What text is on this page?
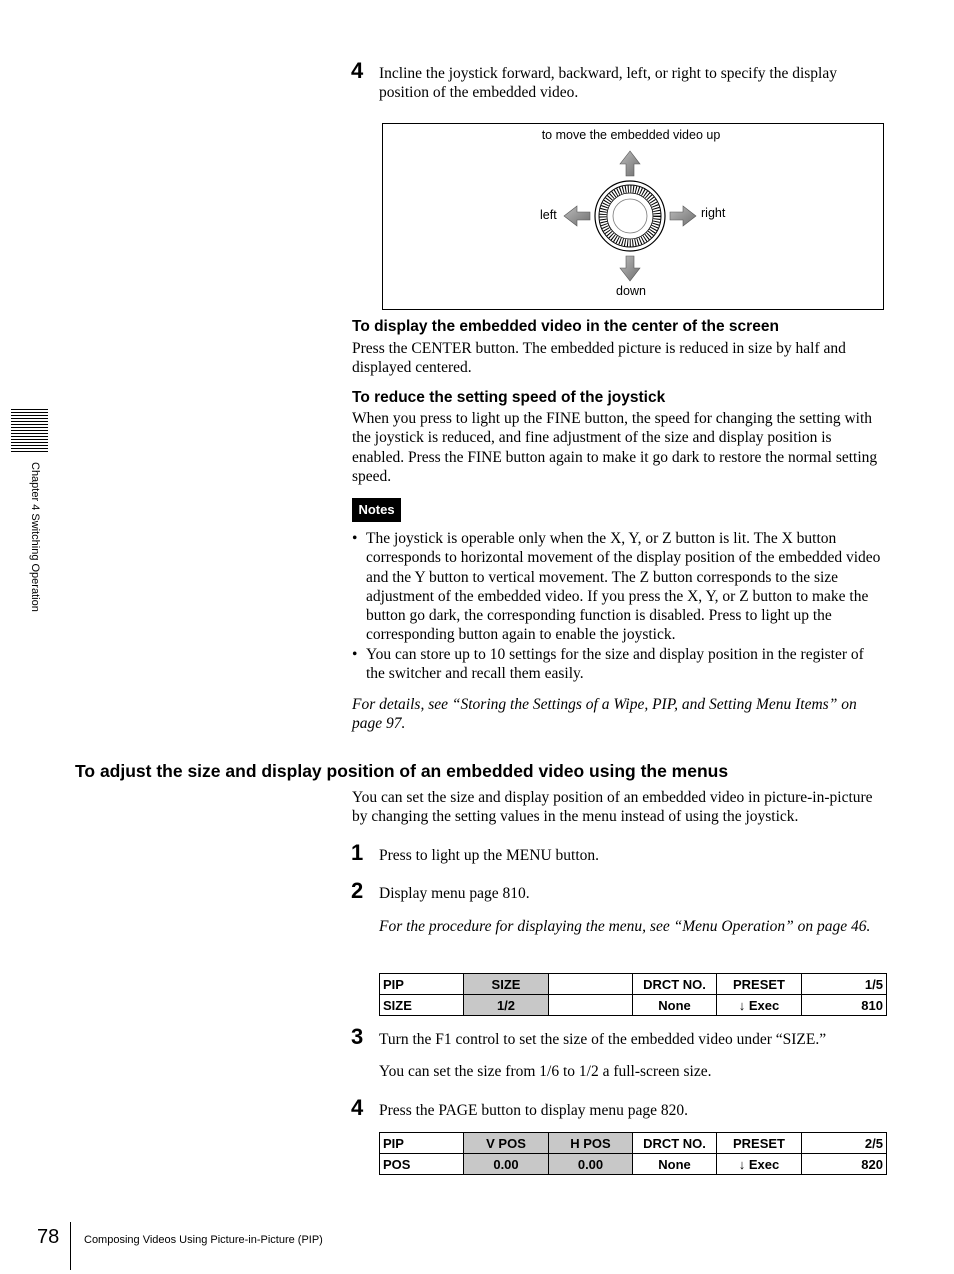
Chapter 4 Switching Operation
4 Incline the joystick forward, backward, left, or right to specify the display position of the embedded video.
to move the embedded video up
left	right
down
To display the embedded video in the center of the screen
Press the CENTER button. The embedded picture is reduced in size by half and displayed centered.
To reduce the setting speed of the joystick
When you press to light up the FINE button, the speed for changing the setting with the joystick is reduced, and fine adjustment of the size and display position is enabled. Press the FINE button again to make it go dark to restore the normal setting speed.
Notes
• The joystick is operable only when the X, Y, or Z button is lit. The X button corresponds to horizontal movement of the display position of the embedded video and the Y button to vertical movement. The Z button corresponds to the size adjustment of the embedded video. If you press the X, Y, or Z button to make the button go dark, the corresponding function is disabled. Press to light up the corresponding button again to enable the joystick.
• You can store up to 10 settings for the size and display position in the register of the switcher and recall them easily.
For details, see “Storing the Settings of a Wipe, PIP, and Setting Menu Items” on page 97.
To adjust the size and display position of an embedded video using the menus
You can set the size and display position of an embedded video in picture-in-picture by changing the setting values in the menu instead of using the joystick.
1 Press to light up the MENU button.
2 Display menu page 810.
For the procedure for displaying the menu, see “Menu Operation” on page 46.
PIP	SIZE		DRCT NO.	PRESET	1/5
SIZE	1/2		None	↓ Exec	810
3 Turn the F1 control to set the size of the embedded video under “SIZE.”
You can set the size from 1/6 to 1/2 a full-screen size.
4 Press the PAGE button to display menu page 820.
PIP	V POS	H POS	DRCT NO.	PRESET	2/5
POS	0.00	0.00	None	↓ Exec	820
78 Composing Videos Using Picture-in-Picture (PIP)
